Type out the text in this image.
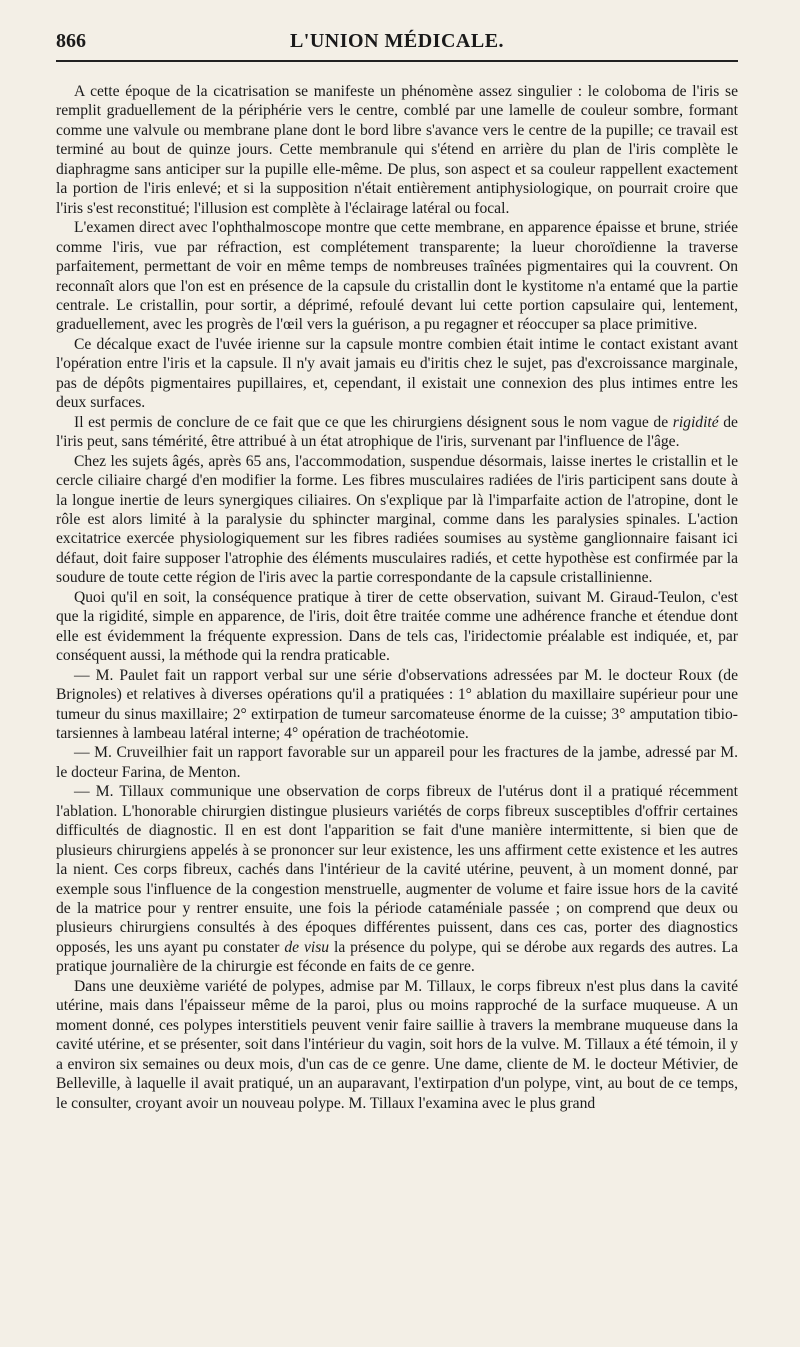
866	L'UNION MÉDICALE.

A cette époque de la cicatrisation se manifeste un phénomène assez singulier : le coloboma de l'iris se remplit graduellement de la périphérie vers le centre, comblé par une lamelle de couleur sombre, formant comme une valvule ou membrane plane dont le bord libre s'avance vers le centre de la pupille; ce travail est terminé au bout de quinze jours. Cette membranule qui s'étend en arrière du plan de l'iris complète le diaphragme sans anticiper sur la pupille elle-même. De plus, son aspect et sa couleur rappellent exactement la portion de l'iris enlevé; et si la supposition n'était entièrement antiphysiologique, on pourrait croire que l'iris s'est reconstitué; l'illusion est complète à l'éclairage latéral ou focal.

L'examen direct avec l'ophthalmoscope montre que cette membrane, en apparence épaisse et brune, striée comme l'iris, vue par réfraction, est complétement transparente; la lueur choroïdienne la traverse parfaitement, permettant de voir en même temps de nombreuses traînées pigmentaires qui la couvrent. On reconnaît alors que l'on est en présence de la capsule du cristallin dont le kystitome n'a entamé que la partie centrale. Le cristallin, pour sortir, a déprimé, refoulé devant lui cette portion capsulaire qui, lentement, graduellement, avec les progrès de l'œil vers la guérison, a pu regagner et réoccuper sa place primitive.

Ce décalque exact de l'uvée irienne sur la capsule montre combien était intime le contact existant avant l'opération entre l'iris et la capsule. Il n'y avait jamais eu d'iritis chez le sujet, pas d'excroissance marginale, pas de dépôts pigmentaires pupillaires, et, cependant, il existait une connexion des plus intimes entre les deux surfaces.

Il est permis de conclure de ce fait que ce que les chirurgiens désignent sous le nom vague de rigidité de l'iris peut, sans témérité, être attribué à un état atrophique de l'iris, survenant par l'influence de l'âge.

Chez les sujets âgés, après 65 ans, l'accommodation, suspendue désormais, laisse inertes le cristallin et le cercle ciliaire chargé d'en modifier la forme. Les fibres musculaires radiées de l'iris participent sans doute à la longue inertie de leurs synergiques ciliaires. On s'explique par là l'imparfaite action de l'atropine, dont le rôle est alors limité à la paralysie du sphincter marginal, comme dans les paralysies spinales. L'action excitatrice exercée physiologiquement sur les fibres radiées soumises au système ganglionnaire faisant ici défaut, doit faire supposer l'atrophie des éléments musculaires radiés, et cette hypothèse est confirmée par la soudure de toute cette région de l'iris avec la partie correspondante de la capsule cristallinienne.

Quoi qu'il en soit, la conséquence pratique à tirer de cette observation, suivant M. Giraud-Teulon, c'est que la rigidité, simple en apparence, de l'iris, doit être traitée comme une adhérence franche et étendue dont elle est évidemment la fréquente expression. Dans de tels cas, l'iridectomie préalable est indiquée, et, par conséquent aussi, la méthode qui la rendra praticable.

— M. Paulet fait un rapport verbal sur une série d'observations adressées par M. le docteur Roux (de Brignoles) et relatives à diverses opérations qu'il a pratiquées : 1° ablation du maxillaire supérieur pour une tumeur du sinus maxillaire; 2° extirpation de tumeur sarcomateuse énorme de la cuisse; 3° amputation tibio-tarsiennes à lambeau latéral interne; 4° opération de trachéotomie.

— M. Cruveilhier fait un rapport favorable sur un appareil pour les fractures de la jambe, adressé par M. le docteur Farina, de Menton.

— M. Tillaux communique une observation de corps fibreux de l'utérus dont il a pratiqué récemment l'ablation. L'honorable chirurgien distingue plusieurs variétés de corps fibreux susceptibles d'offrir certaines difficultés de diagnostic. Il en est dont l'apparition se fait d'une manière intermittente, si bien que de plusieurs chirurgiens appelés à se prononcer sur leur existence, les uns affirment cette existence et les autres la nient. Ces corps fibreux, cachés dans l'intérieur de la cavité utérine, peuvent, à un moment donné, par exemple sous l'influence de la congestion menstruelle, augmenter de volume et faire issue hors de la cavité de la matrice pour y rentrer ensuite, une fois la période cataméniale passée ; on comprend que deux ou plusieurs chirurgiens consultés à des époques différentes puissent, dans ces cas, porter des diagnostics opposés, les uns ayant pu constater de visu la présence du polype, qui se dérobe aux regards des autres. La pratique journalière de la chirurgie est féconde en faits de ce genre.

Dans une deuxième variété de polypes, admise par M. Tillaux, le corps fibreux n'est plus dans la cavité utérine, mais dans l'épaisseur même de la paroi, plus ou moins rapproché de la surface muqueuse. A un moment donné, ces polypes interstitiels peuvent venir faire saillie à travers la membrane muqueuse dans la cavité utérine, et se présenter, soit dans l'intérieur du vagin, soit hors de la vulve. M. Tillaux a été témoin, il y a environ six semaines ou deux mois, d'un cas de ce genre. Une dame, cliente de M. le docteur Métivier, de Belleville, à laquelle il avait pratiqué, un an auparavant, l'extirpation d'un polype, vint, au bout de ce temps, le consulter, croyant avoir un nouveau polype. M. Tillaux l'examina avec le plus grand
